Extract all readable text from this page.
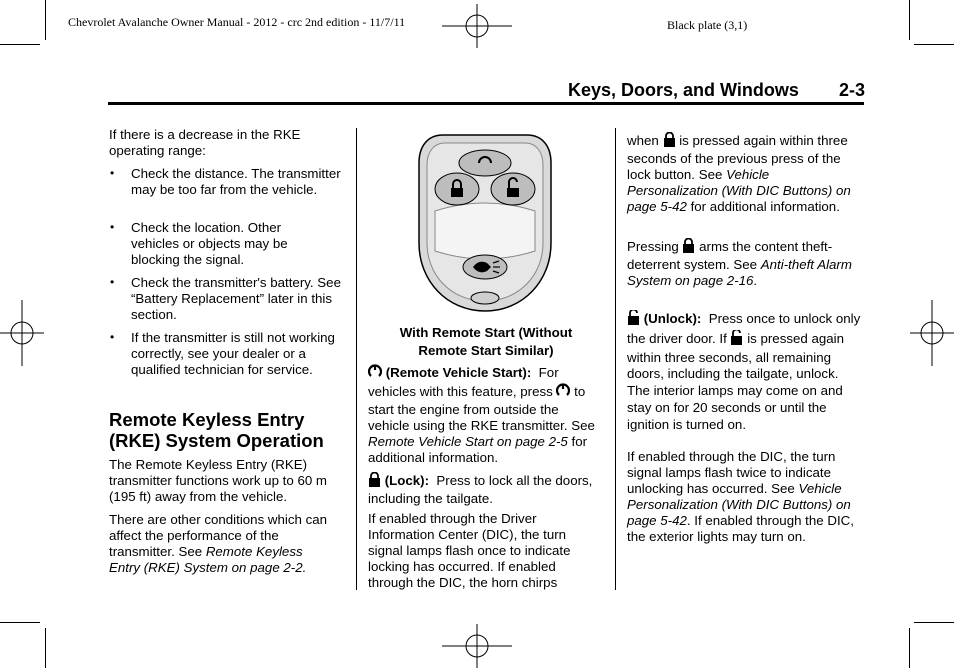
Chevrolet Avalanche Owner Manual - 2012 - crc 2nd edition - 11/7/11	Black plate (3,1)
Keys, Doors, and Windows 2-3
If there is a decrease in the RKE operating range:
• Check the distance. The transmitter may be too far from the vehicle.
• Check the location. Other vehicles or objects may be blocking the signal.
• Check the transmitter's battery. See “Battery Replacement” later in this section.
• If the transmitter is still not working correctly, see your dealer or a qualified technician for service.
Remote Keyless Entry
(RKE) System Operation
The Remote Keyless Entry (RKE) transmitter functions work up to 60 m (195 ft) away from the vehicle.
There are other conditions which can affect the performance of the transmitter. See Remote Keyless Entry (RKE) System on page 2-2.
With Remote Start (Without
Remote Start Similar)
(Remote Vehicle Start): For vehicles with this feature, press to start the engine from outside the vehicle using the RKE transmitter. See Remote Vehicle Start on page 2-5 for additional information.
(Lock): Press to lock all the doors, including the tailgate.
If enabled through the Driver Information Center (DIC), the turn signal lamps flash once to indicate locking has occurred. If enabled through the DIC, the horn chirps
when is pressed again within three seconds of the previous press of the lock button. See Vehicle Personalization (With DIC Buttons) on page 5-42 for additional information.
Pressing arms the content theft-deterrent system. See Anti-theft Alarm System on page 2-16.
(Unlock): Press once to unlock only the driver door. If is pressed again within three seconds, all remaining doors, including the tailgate, unlock. The interior lamps may come on and stay on for 20 seconds or until the ignition is turned on.
If enabled through the DIC, the turn signal lamps flash twice to indicate unlocking has occurred. See Vehicle Personalization (With DIC Buttons) on page 5-42. If enabled through the DIC, the exterior lights may turn on.
